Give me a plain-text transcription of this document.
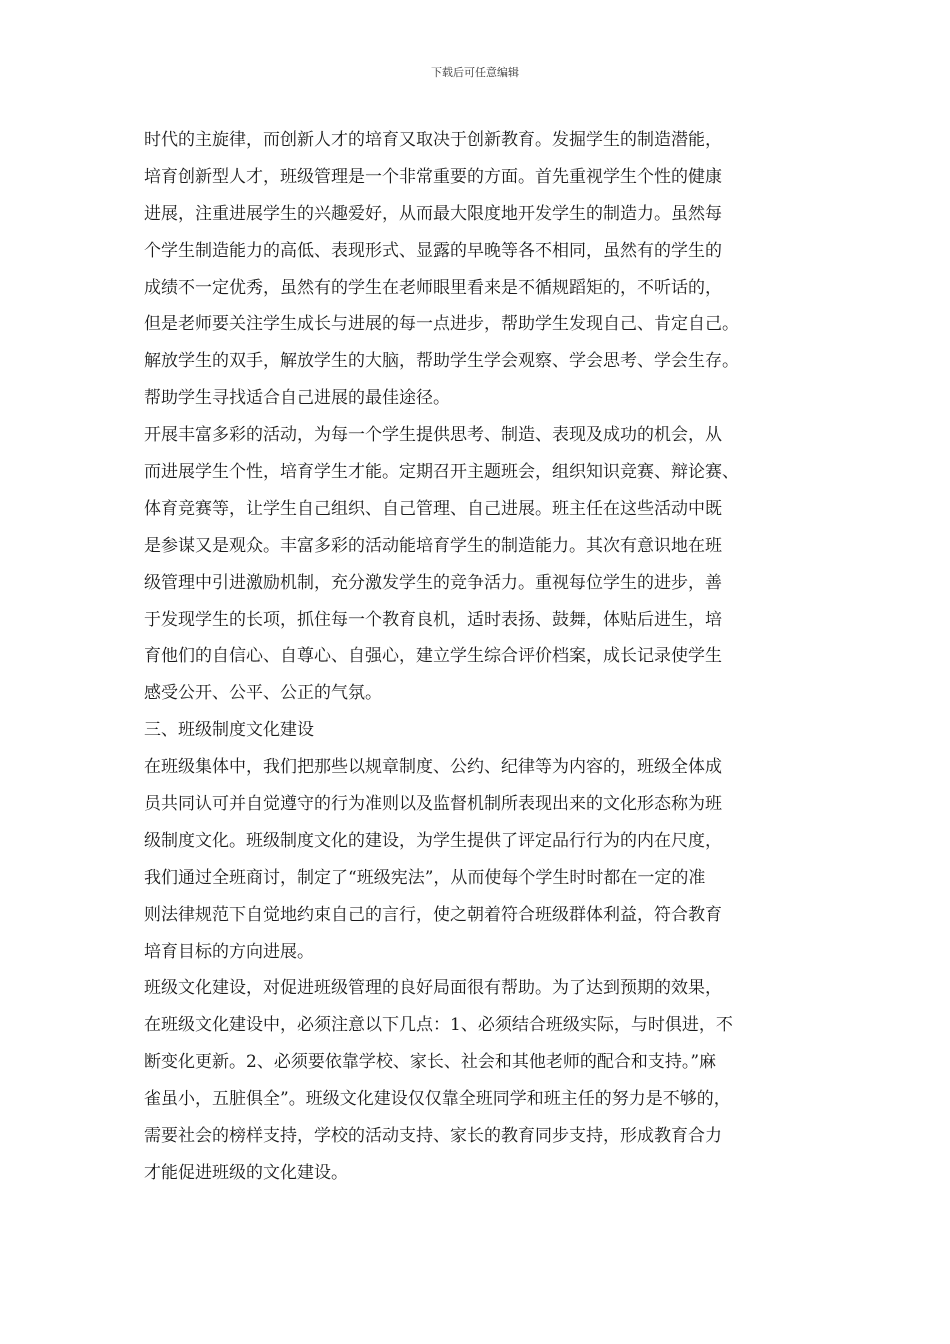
下载后可任意编辑
时代的主旋律，而创新人才的培育又取决于创新教育。发掘学生的制造潜能，
培育创新型人才，班级管理是一个非常重要的方面。首先重视学生个性的健康
进展，注重进展学生的兴趣爱好，从而最大限度地开发学生的制造力。虽然每
个学生制造能力的高低、表现形式、显露的早晚等各不相同，虽然有的学生的
成绩不一定优秀，虽然有的学生在老师眼里看来是不循规蹈矩的，不听话的，
但是老师要关注学生成长与进展的每一点进步，帮助学生发现自己、肯定自己。
解放学生的双手，解放学生的大脑，帮助学生学会观察、学会思考、学会生存。
帮助学生寻找适合自己进展的最佳途径。
开展丰富多彩的活动，为每一个学生提供思考、制造、表现及成功的机会，从
而进展学生个性，培育学生才能。定期召开主题班会，组织知识竞赛、辩论赛、
体育竞赛等，让学生自己组织、自己管理、自己进展。班主任在这些活动中既
是参谋又是观众。丰富多彩的活动能培育学生的制造能力。其次有意识地在班
级管理中引进激励机制，充分激发学生的竞争活力。重视每位学生的进步，善
于发现学生的长项，抓住每一个教育良机，适时表扬、鼓舞，体贴后进生，培
育他们的自信心、自尊心、自强心，建立学生综合评价档案，成长记录使学生
感受公开、公平、公正的气氛。
三、班级制度文化建设
在班级集体中，我们把那些以规章制度、公约、纪律等为内容的，班级全体成
员共同认可并自觉遵守的行为准则以及监督机制所表现出来的文化形态称为班
级制度文化。班级制度文化的建设，为学生提供了评定品行行为的内在尺度，
我们通过全班商讨，制定了“班级宪法”，从而使每个学生时时都在一定的准
则法律规范下自觉地约束自己的言行，使之朝着符合班级群体利益，符合教育
培育目标的方向进展。
班级文化建设，对促进班级管理的良好局面很有帮助。为了达到预期的效果，
在班级文化建设中，必须注意以下几点：1、必须结合班级实际，与时俱进，不
断变化更新。2、必须要依靠学校、家长、社会和其他老师的配合和支持。”麻
雀虽小，五脏俱全”。班级文化建设仅仅靠全班同学和班主任的努力是不够的，
需要社会的榜样支持，学校的活动支持、家长的教育同步支持，形成教育合力
才能促进班级的文化建设。
